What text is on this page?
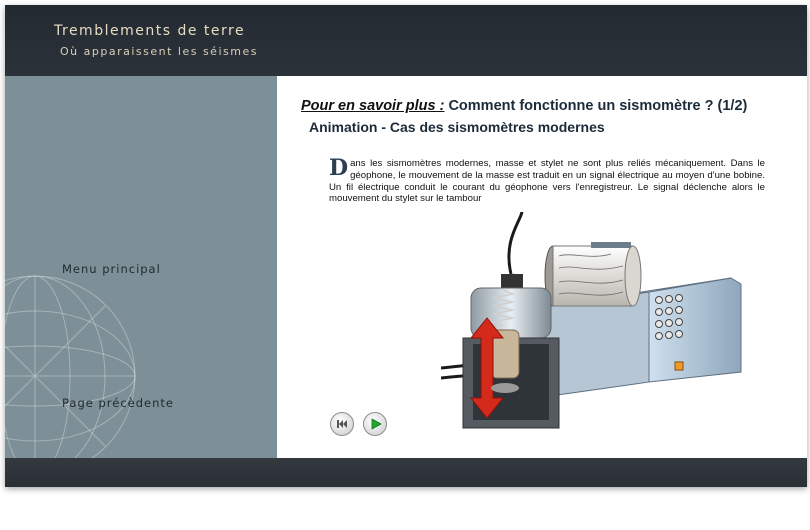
Tremblements de terre
Où apparaissent les séismes
Menu principal
Page précèdente
Pour en savoir plus : Comment fonctionne un sismomètre ? (1/2)
Animation - Cas des sismomètres modernes
Dans les sismomètres modernes, masse et stylet ne sont plus reliés mécaniquement. Dans le géophone, le mouvement de la masse est traduit en un signal électrique au moyen d'une bobine. Un fil électrique conduit le courant du géophone vers l'enregistreur. Le signal déclenche alors le mouvement du stylet sur le tambour
